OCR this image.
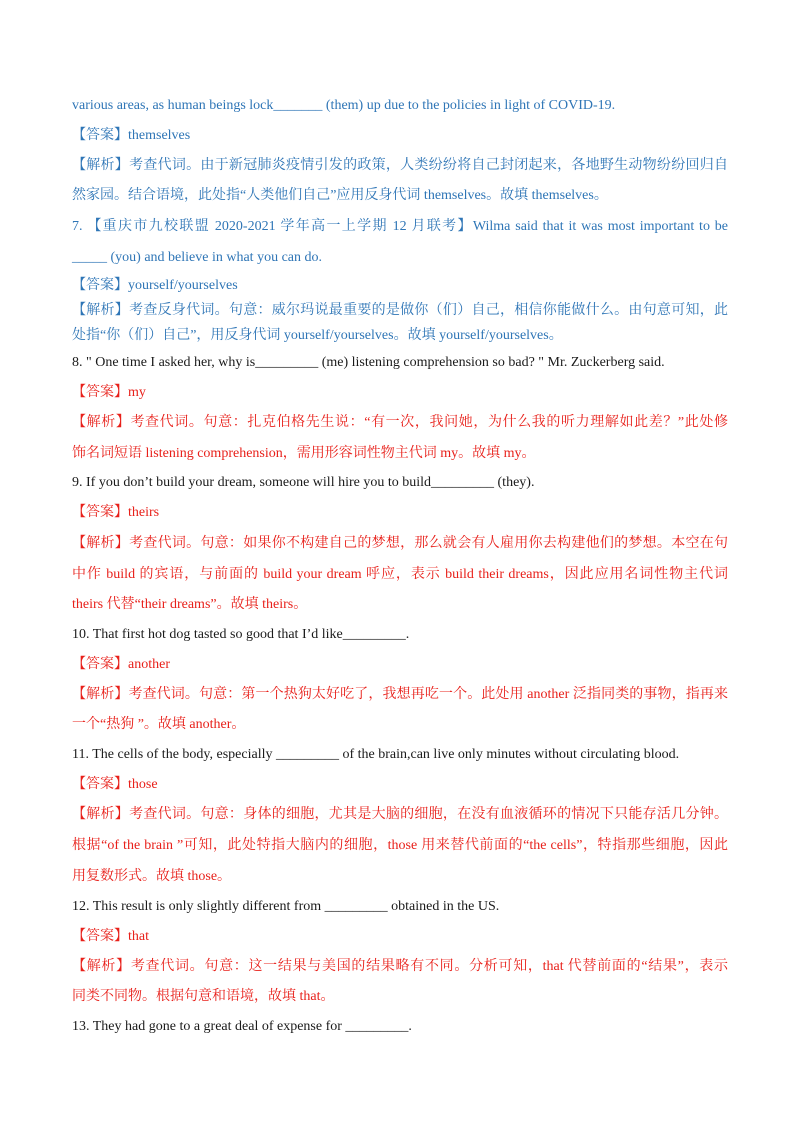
various areas, as human beings lock_______ (them) up due to the policies in light of COVID-19.
【答案】themselves
【解析】考查代词。由于新冠肺炎疫情引发的政策，人类纷纷将自己封闭起来，各地野生动物纷纷回归自
然家园。结合语境，此处指“人类他们自己”应用反身代词 themselves。故填 themselves。
7. 【重庆市九校联盟 2020-2021 学年高一上学期 12 月联考】Wilma said that it was most important to be
_____ (you) and believe in what you can do.
【答案】yourself/yourselves
【解析】考查反身代词。句意：威尔玛说最重要的是做你（们）自己，相信你能做什么。由句意可知，此
处指“你（们）自己”，用反身代词 yourself/yourselves。故填 yourself/yourselves。
8. " One time I asked her, why is_________ (me) listening comprehension so bad? " Mr. Zuckerberg said.
【答案】my
【解析】考查代词。句意：扎克伯格先生说：“有一次，我问她，为什么我的听力理解如此差？”此处修
饰名词短语 listening comprehension，需用形容词性物主代词 my。故填 my。
9. If you don’t build your dream, someone will hire you to build_________ (they).
【答案】theirs
【解析】考查代词。句意：如果你不构建自己的梦想，那么就会有人雇用你去构建他们的梦想。本空在句
中作 build 的宾语，与前面的 build your dream 呼应，表示 build their dreams，因此应用名词性物主代词
theirs 代替“their dreams”。故填 theirs。
10. That first hot dog tasted so good that I’d like_________.
【答案】another
【解析】考查代词。句意：第一个热狗太好吃了，我想再吃一个。此处用 another 泛指同类的事物，指再来
一个“热狗 ”。故填 another。
11. The cells of the body, especially _________ of the brain,can live only minutes without circulating blood.
【答案】those
【解析】考查代词。句意：身体的细胞，尤其是大脑的细胞，在没有血液循环的情况下只能存活几分钟。
根据“of the brain ”可知，此处特指大脑内的细胞，those 用来替代前面的“the cells”，特指那些细胞，因此
用复数形式。故填 those。
12. This result is only slightly different from _________ obtained in the US.
【答案】that
【解析】考查代词。句意：这一结果与美国的结果略有不同。分析可知，that 代替前面的“结果”，表示
同类不同物。根据句意和语境，故填 that。
13. They had gone to a great deal of expense for _________.
